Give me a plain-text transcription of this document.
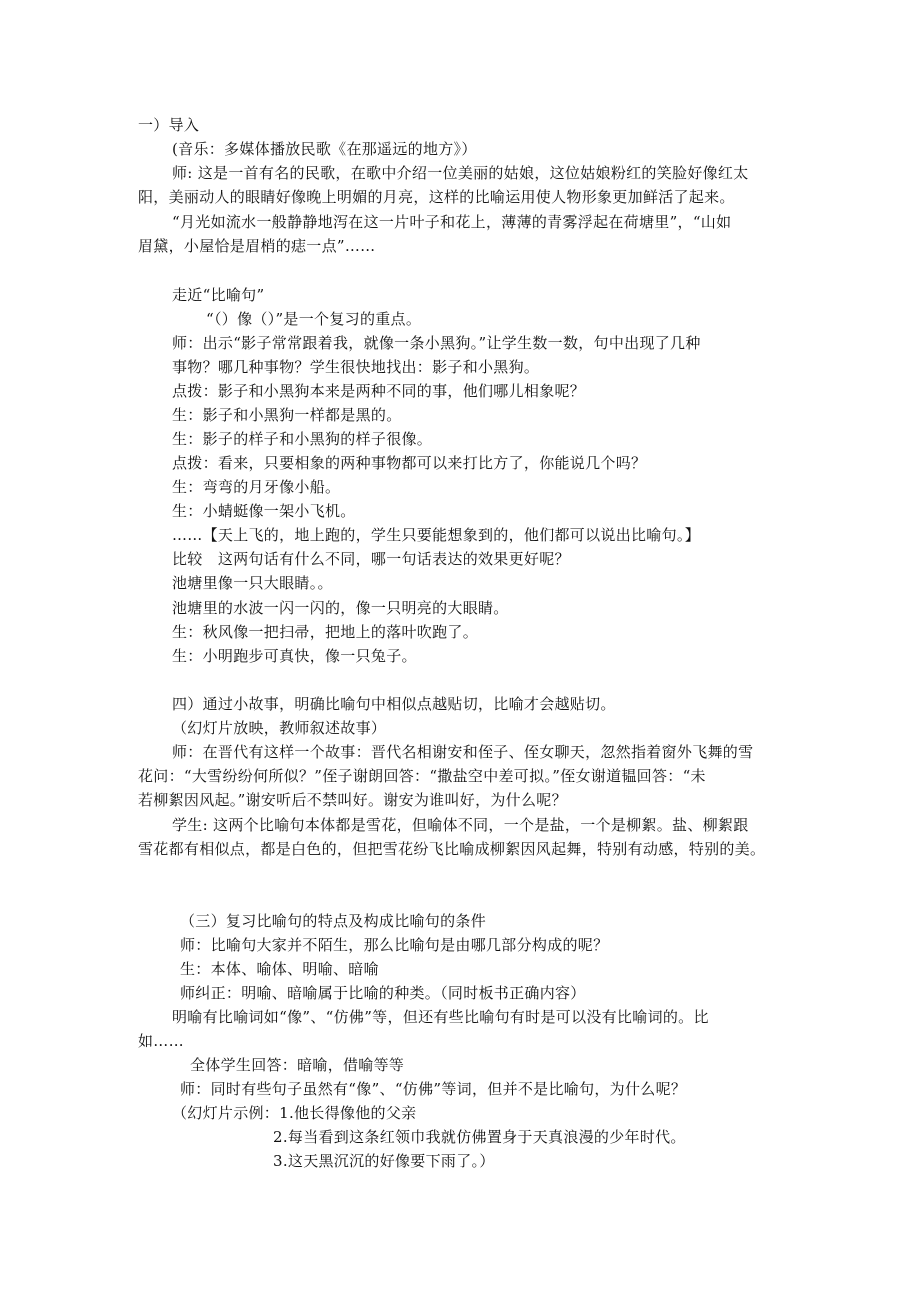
一）导入
(音乐：多媒体播放民歌《在那遥远的地方》）
师: 这是一首有名的民歌，在歌中介绍一位美丽的姑娘，这位姑娘粉红的笑脸好像红太
阳，美丽动人的眼睛好像晚上明媚的月亮，这样的比喻运用使人物形象更加鲜活了起来。
“月光如流水一般静静地泻在这一片叶子和花上，薄薄的青雾浮起在荷塘里”，“山如
眉黛，小屋恰是眉梢的痣一点”……
走近“比喻句”
“（）像（）”是一个复习的重点。
师：出示“影子常常跟着我，就像一条小黑狗。”让学生数一数，句中出现了几种
事物？哪几种事物？学生很快地找出：影子和小黑狗。
点拨：影子和小黑狗本来是两种不同的事，他们哪儿相象呢？
生：影子和小黑狗一样都是黑的。
生：影子的样子和小黑狗的样子很像。
点拨：看来，只要相象的两种事物都可以来打比方了，你能说几个吗？
生：弯弯的月牙像小船。
生：小蜻蜓像一架小飞机。
……【天上飞的，地上跑的，学生只要能想象到的，他们都可以说出比喻句。】
比较　这两句话有什么不同，哪一句话表达的效果更好呢？
池塘里像一只大眼睛。。
池塘里的水波一闪一闪的，像一只明亮的大眼睛。
生：秋风像一把扫帚，把地上的落叶吹跑了。
生：小明跑步可真快，像一只兔子。
四）通过小故事，明确比喻句中相似点越贴切，比喻才会越贴切。
（幻灯片放映，教师叙述故事）
师：在晋代有这样一个故事：晋代名相谢安和侄子、侄女聊天，忽然指着窗外飞舞的雪
花问：“大雪纷纷何所似？”侄子谢朗回答：“撒盐空中差可拟。”侄女谢道韫回答：“未
若柳絮因风起。”谢安听后不禁叫好。谢安为谁叫好，为什么呢？
学生: 这两个比喻句本体都是雪花，但喻体不同，一个是盐，一个是柳絮。盐、柳絮跟
雪花都有相似点，都是白色的，但把雪花纷飞比喻成柳絮因风起舞，特别有动感，特别的美。
（三）复习比喻句的特点及构成比喻句的条件
师：比喻句大家并不陌生，那么比喻句是由哪几部分构成的呢？
生：本体、喻体、明喻、暗喻
师纠正：明喻、暗喻属于比喻的种类。（同时板书正确内容）
明喻有比喻词如“像”、“仿佛”等，但还有些比喻句有时是可以没有比喻词的。比
如……
全体学生回答：暗喻，借喻等等
师：同时有些句子虽然有“像”、“仿佛”等词，但并不是比喻句，为什么呢？
（幻灯片示例：1.他长得像他的父亲
2.每当看到这条红领巾我就仿佛置身于天真浪漫的少年时代。
3.这天黑沉沉的好像要下雨了。）
